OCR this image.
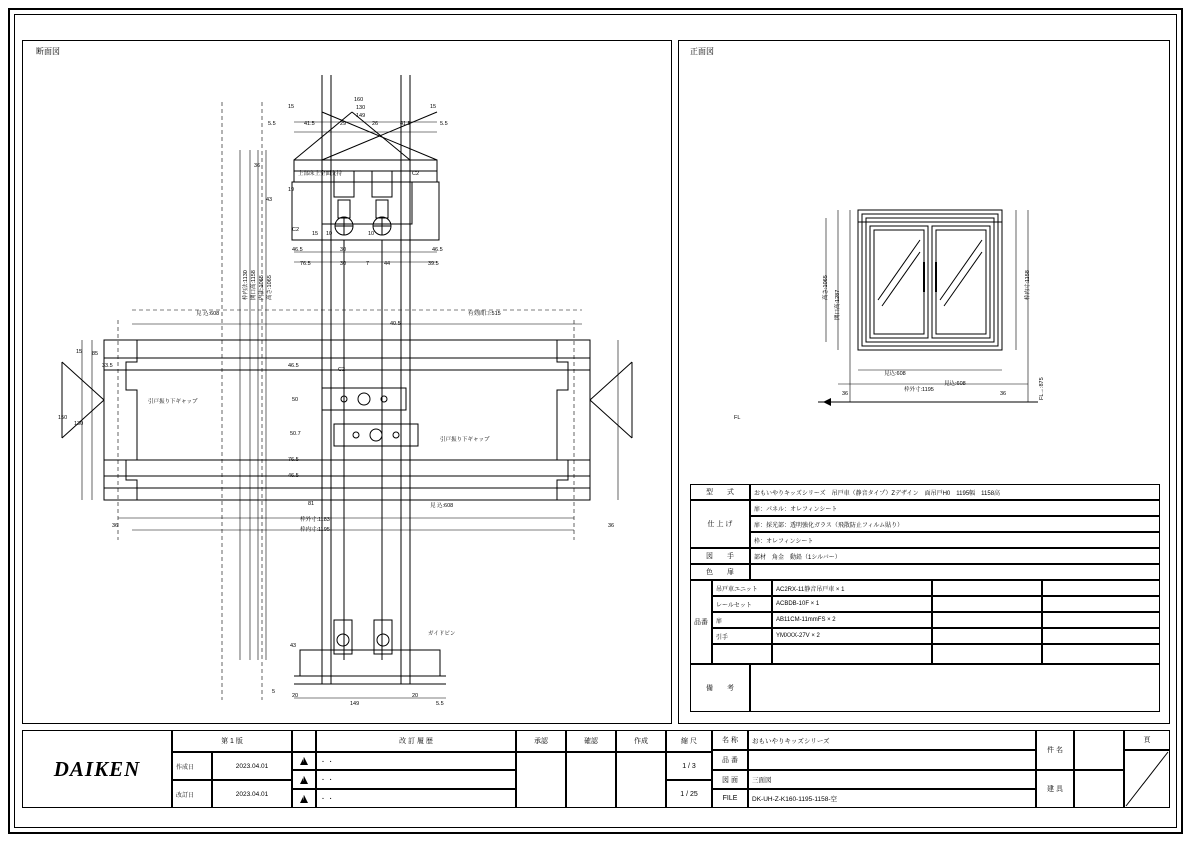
断面図	正面図
15
160
130
149
15
5.5	41.5	29	26	41.5	5.5
36
43
19
上部床上全面支持	C2
C2
46.5
15 10
30
10
46.5
76.5	30	7	44	39.5
枠内法:1130 開口高:1158 内法:1065 高さ:1065
見 込:608	有効間口:515
40.5
81	見 込:608
枠外寸:1183
枠内寸:1195
36	36
15 85
33.5	46.5
50
50.7
76.5
46.5
150
130
43
引戸振り下ギャップ
引戸振り下ギャップ
ガイドピン
C2
5
20
149
20
5.5
高さ:1065
開口高:1287
枠内寸:1158
見込:608
見込:608
枠外寸:1195
36	36
FL
FL→:875
型　　式	おもいやりキッズシリーズ　吊戸車（静音タイプ）Zデザイン　面吊戸H0　1195幅　1158高
仕 上 げ
扉：パネル：オレフィンシート
扉：採光部：透明強化ガラス（飛散防止フィルム貼り）
枠：オレフィンシート
図　　手	部材　角金　動鉛（1シルバー）
色　　扉
品番
吊戸車ユニット	AC2RX-11静音吊戸車 × 1
レールセット	ACBDB-10F × 1
扉	AB11CM-11mmFS × 2
引手	YMXXX-27V × 2
備　　考
DAIKEN
第 1 版
作成日	2023.04.01
改訂日	2023.04.01
改 訂 履 歴
!
・ ・
!
・ ・
!
・ ・
承認	確認	作成	縮 尺
1 / 3
1 / 25
名 称	おもいやりキッズシリーズ
品 番
図 面	三面図
FILE	DK-UH-Z-K160-1195-1158-空
件 名
建 具
頁
